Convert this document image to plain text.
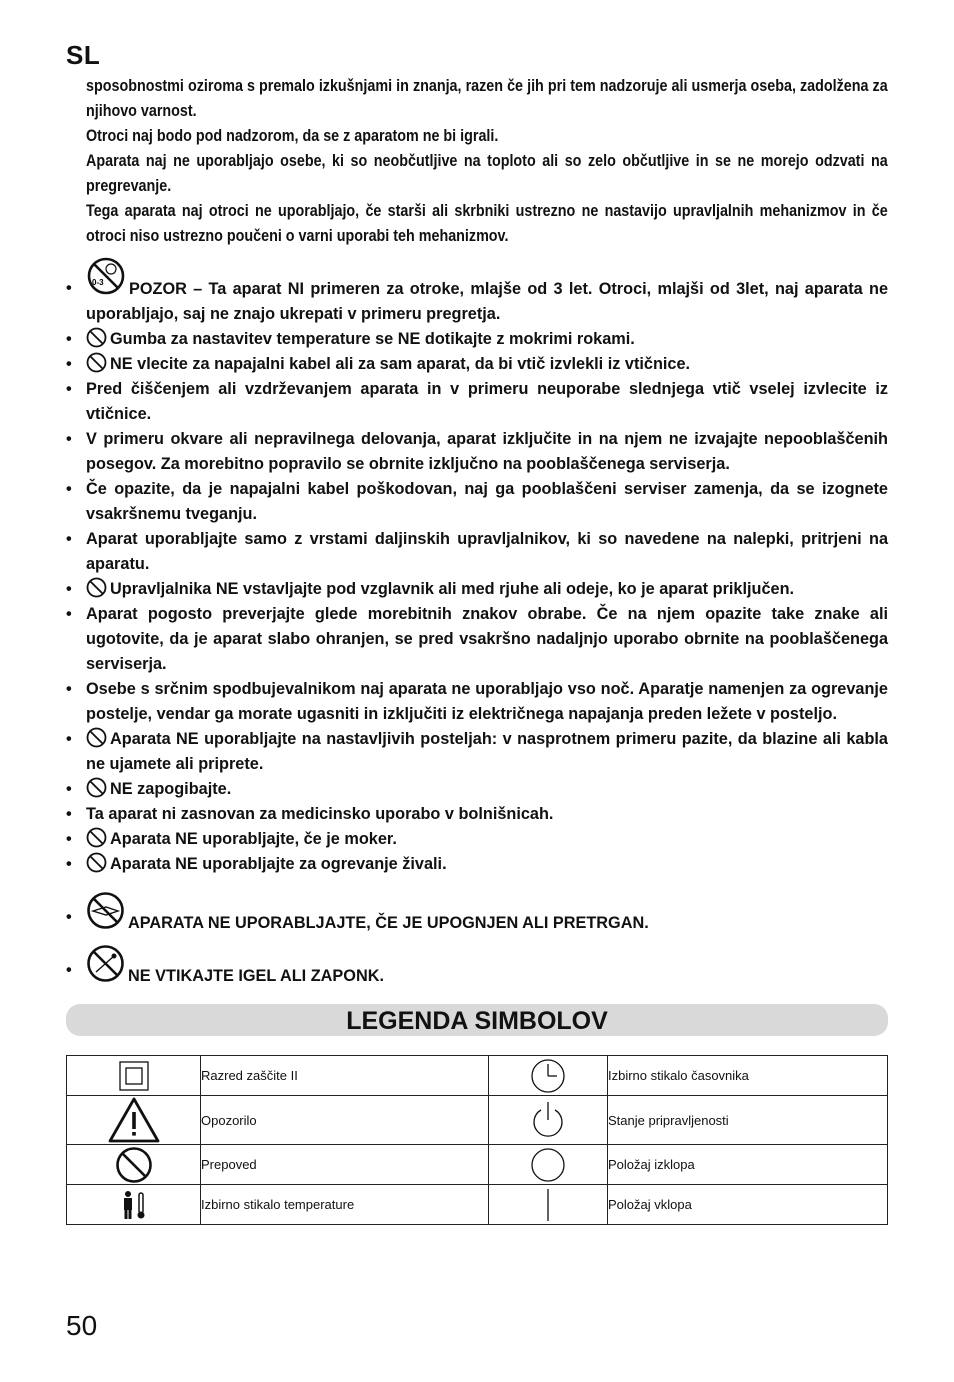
SL

sposobnostmi oziroma s premalo izkušnjami in znanja, razen če jih pri tem nadzoruje ali usmerja oseba, zadolžena za njihovo varnost.

Otroci naj bodo pod nadzorom, da se z aparatom ne bi igrali.

Aparata naj ne uporabljajo osebe, ki so neobčutljive na toploto ali so zelo občutljive in se ne morejo odzvati na pregrevanje.

Tega aparata naj otroci ne uporabljajo, če starši ali skrbniki ustrezno ne nastavijo upravljalnih mehanizmov in če otroci niso ustrezno poučeni o varni uporabi teh mehanizmov.

•	0-3 POZOR – Ta aparat NI primeren za otroke, mlajše od 3 let. Otroci, mlajši od 3let, naj aparata ne uporabljajo, saj ne znajo ukrepati v primeru pregretja.
•	Gumba za nastavitev temperature se NE dotikajte z mokrimi rokami.
•	NE vlecite za napajalni kabel ali za sam aparat, da bi vtič izvlekli iz vtičnice.
• Pred čiščenjem ali vzdrževanjem aparata in v primeru neuporabe slednjega vtič vselej izvlecite iz vtičnice.
• V primeru okvare ali nepravilnega delovanja, aparat izključite in na njem ne izvajajte nepooblaščenih posegov. Za morebitno popravilo se obrnite izključno na pooblaščenega serviserja.
• Če opazite, da je napajalni kabel poškodovan, naj ga pooblaščeni serviser zamenja, da se izognete vsakršnemu tveganju.
• Aparat uporabljajte samo z vrstami daljinskih upravljalnikov, ki so navedene na nalepki, pritrjeni na aparatu.
•	Upravljalnika NE vstavljajte pod vzglavnik ali med rjuhe ali odeje, ko je aparat priključen.
• Aparat pogosto preverjajte glede morebitnih znakov obrabe. Če na njem opazite take znake ali ugotovite, da je aparat slabo ohranjen, se pred vsakršno nadaljnjo uporabo obrnite na pooblaščenega serviserja.
• Osebe s srčnim spodbujevalnikom naj aparata ne uporabljajo vso noč. Aparatje namenjen za ogrevanje postelje, vendar ga morate ugasniti in izključiti iz električnega napajanja preden ležete v posteljo.
•	Aparata NE uporabljajte na nastavljivih posteljah: v nasprotnem primeru pazite, da blazine ali kabla ne ujamete ali priprete.
•	NE zapogibajte.
• Ta aparat ni zasnovan za medicinsko uporabo v bolnišnicah.
•	Aparata NE uporabljajte, če je moker.
•	Aparata NE uporabljajte za ogrevanje živali.
•	APARATA NE UPORABLJAJTE, ČE JE UPOGNJEN ALI PRETRGAN.
•	NE VTIKAJTE IGEL ALI ZAPONK.
LEGENDA SIMBOLOV
	Razred zaščite II		Izbirno stikalo časovnika
	Opozorilo		Stanje pripravljenosti
	Prepoved		Položaj izklopa
	Izbirno stikalo temperature		Položaj vklopa
50
